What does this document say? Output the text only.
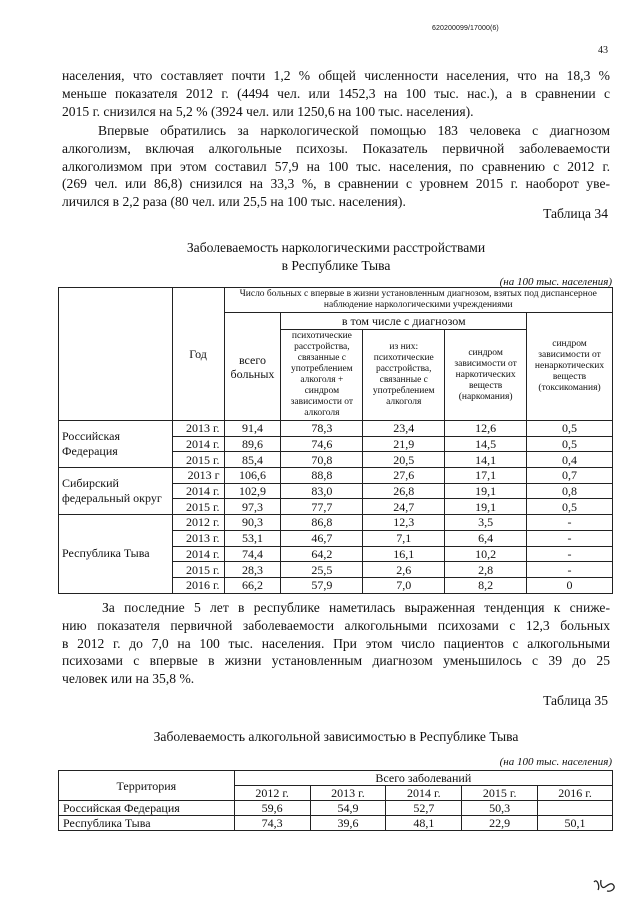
620200099/17000(6)
43
населения, что составляет почти 1,2 % общей численности населения, что на 18,3 %
меньше показателя 2012 г. (4494 чел. или 1452,3 на 100 тыс. нас.), а в сравнении с
2015 г. снизился на 5,2 % (3924 чел. или 1250,6 на 100 тыс. населения).
Впервые обратились за наркологической помощью 183 человека с диагнозом
алкоголизм, включая алкогольные психозы. Показатель первичной заболеваемости
алкоголизмом при этом составил 57,9 на 100 тыс. населения, по сравнению с 2012 г.
(269 чел. или 86,8) снизился на 33,3 %, в сравнении с уровнем 2015 г. наоборот уве-
личился в 2,2 раза (80 чел. или 25,5 на 100 тыс. населения).
Таблица 34
Заболеваемость наркологическими расстройствами
в Республике Тыва
(на 100 тыс. населения)
	Год	Число больных с впервые в жизни установленным диагнозом, взятых под диспансерное наблюдение наркологическими учреждениями				
		всего больных	в том числе с диагнозом			синдром зависимости от ненаркотических веществ (токсикомания)
			психотические расстройства, связанные с употреблением алкоголя + синдром зависимости от алкоголя	из них: психотические расстройства, связанные с употреблением алкоголя	синдром зависимости от наркотических веществ (наркомания)	
Российская Федерация	2013 г.	91,4	78,3	23,4	12,6	0,5
	2014 г.	89,6	74,6	21,9	14,5	0,5
	2015 г.	85,4	70,8	20,5	14,1	0,4
Сибирский федеральный округ	2013 г	106,6	88,8	27,6	17,1	0,7
	2014 г.	102,9	83,0	26,8	19,1	0,8
	2015 г.	97,3	77,7	24,7	19,1	0,5
Республика Тыва	2012 г.	90,3	86,8	12,3	3,5	-
	2013 г.	53,1	46,7	7,1	6,4	-
	2014 г.	74,4	64,2	16,1	10,2	-
	2015 г.	28,3	25,5	2,6	2,8	-
	2016 г.	66,2	57,9	7,0	8,2	0
За последние 5 лет в республике наметилась выраженная тенденция к сниже-
нию показателя первичной заболеваемости алкогольными психозами с 12,3 больных
в 2012 г. до 7,0 на 100 тыс. населения. При этом число пациентов с алкогольными
психозами с впервые в жизни установленным диагнозом уменьшилось с 39 до 25
человек или на 35,8 %.
Таблица 35
Заболеваемость алкогольной зависимостью в Республике Тыва
(на 100 тыс. населения)
Территория	Всего заболеваний				
	2012 г.	2013 г.	2014 г.	2015 г.	2016 г.
Российская Федерация	59,6	54,9	52,7	50,3	
Республика Тыва	74,3	39,6	48,1	22,9	50,1
